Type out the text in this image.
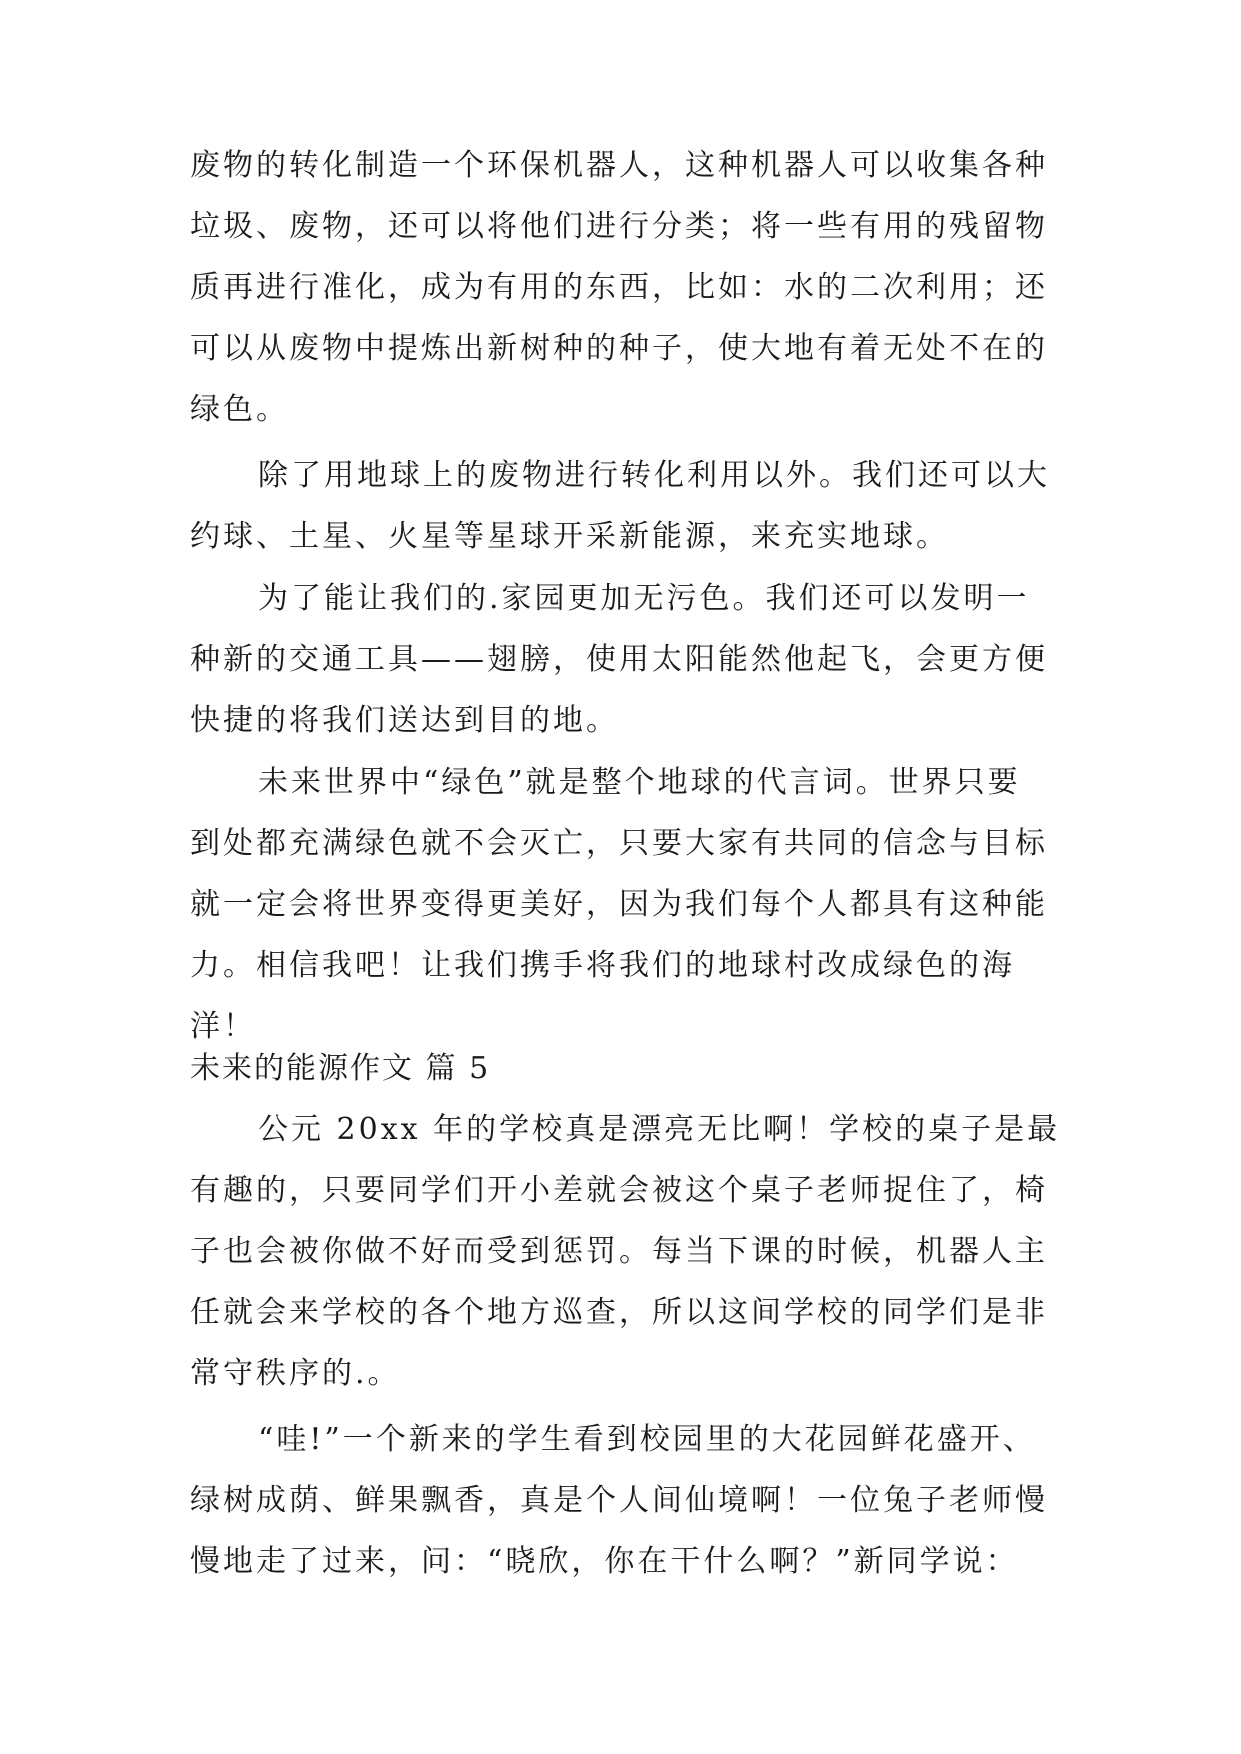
废物的转化制造一个环保机器人，这种机器人可以收集各种
垃圾、废物，还可以将他们进行分类；将一些有用的残留物
质再进行准化，成为有用的东西，比如：水的二次利用；还
可以从废物中提炼出新树种的种子，使大地有着无处不在的
绿色。
除了用地球上的废物进行转化利用以外。我们还可以大
约球、土星、火星等星球开采新能源，来充实地球。
为了能让我们的.家园更加无污色。我们还可以发明一
种新的交通工具——翅膀，使用太阳能然他起飞，会更方便
快捷的将我们送达到目的地。
未来世界中“绿色”就是整个地球的代言词。世界只要
到处都充满绿色就不会灭亡，只要大家有共同的信念与目标
就一定会将世界变得更美好，因为我们每个人都具有这种能
力。相信我吧！让我们携手将我们的地球村改成绿色的海
洋！
未来的能源作文 篇 5
公元 20xx 年的学校真是漂亮无比啊！学校的桌子是最
有趣的，只要同学们开小差就会被这个桌子老师捉住了，椅
子也会被你做不好而受到惩罚。每当下课的时候，机器人主
任就会来学校的各个地方巡查，所以这间学校的同学们是非
常守秩序的.。
“哇!”一个新来的学生看到校园里的大花园鲜花盛开、
绿树成荫、鲜果飘香，真是个人间仙境啊！一位兔子老师慢
慢地走了过来，问：“晓欣，你在干什么啊？”新同学说：
